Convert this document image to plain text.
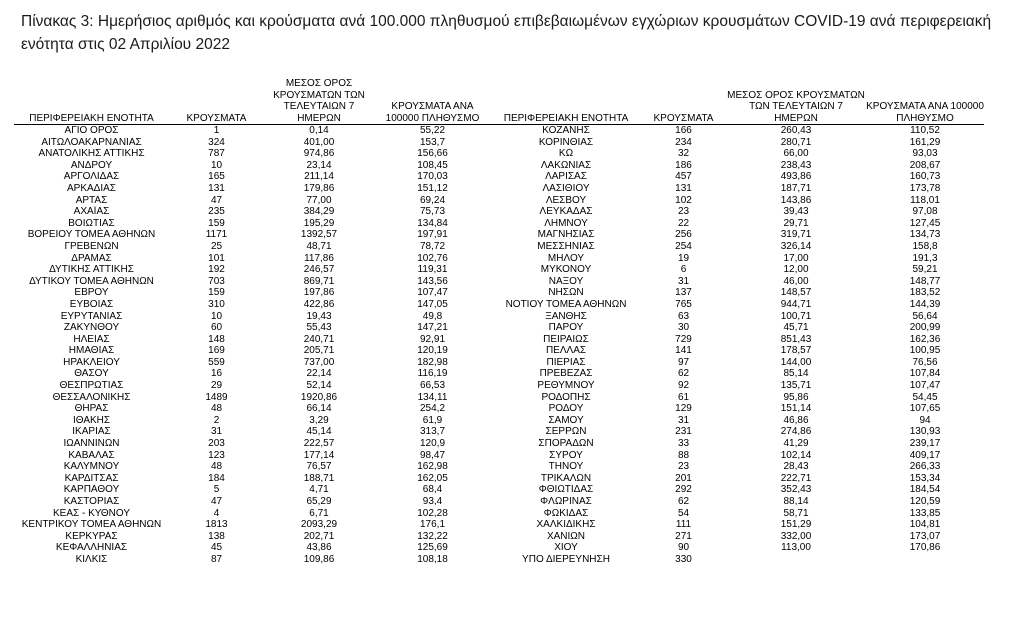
Πίνακας 3: Ημερήσιος αριθμός και κρούσματα ανά 100.000 πληθυσμού επιβεβαιωμένων εγχώριων κρουσμάτων COVID-19 ανά περιφερειακή ενότητα στις 02 Απριλίου 2022
ΠΕΡΙΦΕΡΕΙΑΚΗ ΕΝΟΤΗΤΑ	ΚΡΟΥΣΜΑΤΑ	ΜΕΣΟΣ ΟΡΟΣ ΚΡΟΥΣΜΑΤΩΝ ΤΩΝ ΤΕΛΕΥΤΑΙΩΝ 7 ΗΜΕΡΩΝ	ΚΡΟΥΣΜΑΤΑ ΑΝΑ 100000 ΠΛΗΘΥΣΜΟ	ΠΕΡΙΦΕΡΕΙΑΚΗ ΕΝΟΤΗΤΑ	ΚΡΟΥΣΜΑΤΑ	ΜΕΣΟΣ ΟΡΟΣ ΚΡΟΥΣΜΑΤΩΝ ΤΩΝ ΤΕΛΕΥΤΑΙΩΝ 7 ΗΜΕΡΩΝ	ΚΡΟΥΣΜΑΤΑ ΑΝΑ 100000 ΠΛΗΘΥΣΜΟ
ΑΓΙΟ ΟΡΟΣ	1	0,14	55,22	ΚΟΖΑΝΗΣ	166	260,43	110,52
ΑΙΤΩΛΟΑΚΑΡΝΑΝΙΑΣ	324	401,00	153,7	ΚΟΡΙΝΘΙΑΣ	234	280,71	161,29
ΑΝΑΤΟΛΙΚΗΣ ΑΤΤΙΚΗΣ	787	974,86	156,66	ΚΩ	32	66,00	93,03
ΑΝΔΡΟΥ	10	23,14	108,45	ΛΑΚΩΝΙΑΣ	186	238,43	208,67
ΑΡΓΟΛΙΔΑΣ	165	211,14	170,03	ΛΑΡΙΣΑΣ	457	493,86	160,73
ΑΡΚΑΔΙΑΣ	131	179,86	151,12	ΛΑΣΙΘΙΟΥ	131	187,71	173,78
ΑΡΤΑΣ	47	77,00	69,24	ΛΕΣΒΟΥ	102	143,86	118,01
ΑΧΑΪΑΣ	235	384,29	75,73	ΛΕΥΚΑΔΑΣ	23	39,43	97,08
ΒΟΙΩΤΙΑΣ	159	195,29	134,84	ΛΗΜΝΟΥ	22	29,71	127,45
ΒΟΡΕΙΟΥ ΤΟΜΕΑ ΑΘΗΝΩΝ	1171	1392,57	197,91	ΜΑΓΝΗΣΙΑΣ	256	319,71	134,73
ΓΡΕΒΕΝΩΝ	25	48,71	78,72	ΜΕΣΣΗΝΙΑΣ	254	326,14	158,8
ΔΡΑΜΑΣ	101	117,86	102,76	ΜΗΛΟΥ	19	17,00	191,3
ΔΥΤΙΚΗΣ ΑΤΤΙΚΗΣ	192	246,57	119,31	ΜΥΚΟΝΟΥ	6	12,00	59,21
ΔΥΤΙΚΟΥ ΤΟΜΕΑ ΑΘΗΝΩΝ	703	869,71	143,56	ΝΑΞΟΥ	31	46,00	148,77
ΕΒΡΟΥ	159	197,86	107,47	ΝΗΣΩΝ	137	148,57	183,52
ΕΥΒΟΙΑΣ	310	422,86	147,05	ΝΟΤΙΟΥ ΤΟΜΕΑ ΑΘΗΝΩΝ	765	944,71	144,39
ΕΥΡΥΤΑΝΙΑΣ	10	19,43	49,8	ΞΑΝΘΗΣ	63	100,71	56,64
ΖΑΚΥΝΘΟΥ	60	55,43	147,21	ΠΑΡΟΥ	30	45,71	200,99
ΗΛΕΙΑΣ	148	240,71	92,91	ΠΕΙΡΑΙΩΣ	729	851,43	162,36
ΗΜΑΘΙΑΣ	169	205,71	120,19	ΠΕΛΛΑΣ	141	178,57	100,95
ΗΡΑΚΛΕΙΟΥ	559	737,00	182,98	ΠΙΕΡΙΑΣ	97	144,00	76,56
ΘΑΣΟΥ	16	22,14	116,19	ΠΡΕΒΕΖΑΣ	62	85,14	107,84
ΘΕΣΠΡΩΤΙΑΣ	29	52,14	66,53	ΡΕΘΥΜΝΟΥ	92	135,71	107,47
ΘΕΣΣΑΛΟΝΙΚΗΣ	1489	1920,86	134,11	ΡΟΔΟΠΗΣ	61	95,86	54,45
ΘΗΡΑΣ	48	66,14	254,2	ΡΟΔΟΥ	129	151,14	107,65
ΙΘΑΚΗΣ	2	3,29	61,9	ΣΑΜΟΥ	31	46,86	94
ΙΚΑΡΙΑΣ	31	45,14	313,7	ΣΕΡΡΩΝ	231	274,86	130,93
ΙΩΑΝΝΙΝΩΝ	203	222,57	120,9	ΣΠΟΡΑΔΩΝ	33	41,29	239,17
ΚΑΒΑΛΑΣ	123	177,14	98,47	ΣΥΡΟΥ	88	102,14	409,17
ΚΑΛΥΜΝΟΥ	48	76,57	162,98	ΤΗΝΟΥ	23	28,43	266,33
ΚΑΡΔΙΤΣΑΣ	184	188,71	162,05	ΤΡΙΚΑΛΩΝ	201	222,71	153,34
ΚΑΡΠΑΘΟΥ	5	4,71	68,4	ΦΘΙΩΤΙΔΑΣ	292	352,43	184,54
ΚΑΣΤΟΡΙΑΣ	47	65,29	93,4	ΦΛΩΡΙΝΑΣ	62	88,14	120,59
ΚΕΑΣ - ΚΥΘΝΟΥ	4	6,71	102,28	ΦΩΚΙΔΑΣ	54	58,71	133,85
ΚΕΝΤΡΙΚΟΥ ΤΟΜΕΑ ΑΘΗΝΩΝ	1813	2093,29	176,1	ΧΑΛΚΙΔΙΚΗΣ	111	151,29	104,81
ΚΕΡΚΥΡΑΣ	138	202,71	132,22	ΧΑΝΙΩΝ	271	332,00	173,07
ΚΕΦΑΛΛΗΝΙΑΣ	45	43,86	125,69	ΧΙΟΥ	90	113,00	170,86
ΚΙΛΚΙΣ	87	109,86	108,18	ΥΠΟ ΔΙΕΡΕΥΝΗΣΗ	330		
